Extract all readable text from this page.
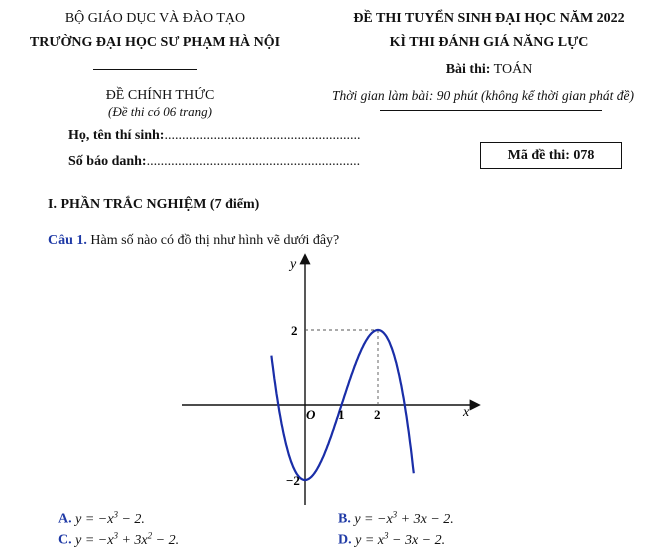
BỘ GIÁO DỤC VÀ ĐÀO TẠO
TRƯỜNG ĐẠI HỌC SƯ PHẠM HÀ NỘI
ĐỀ CHÍNH THỨC
(Đề thi có 06 trang)
ĐỀ THI TUYỂN SINH ĐẠI HỌC NĂM 2022
KÌ THI ĐÁNH GIÁ NĂNG LỰC
Bài thi: TOÁN
Thời gian làm bài: 90 phút (không kể thời gian phát đề)
Họ, tên thí sinh:........................................................
Số báo danh:.............................................................	Mã đề thi: 078
I. PHẦN TRẮC NGHIỆM (7 điểm)
Câu 1. Hàm số nào có đồ thị như hình vẽ dưới đây?
y
x
O
2
−2
1 2
A. $y = -x^3 - 2$.	B. $y = -x^3 + 3x - 2$.
C. $y = -x^3 + 3x^2 - 2$.	D. $y = x^3 - 3x - 2$.
